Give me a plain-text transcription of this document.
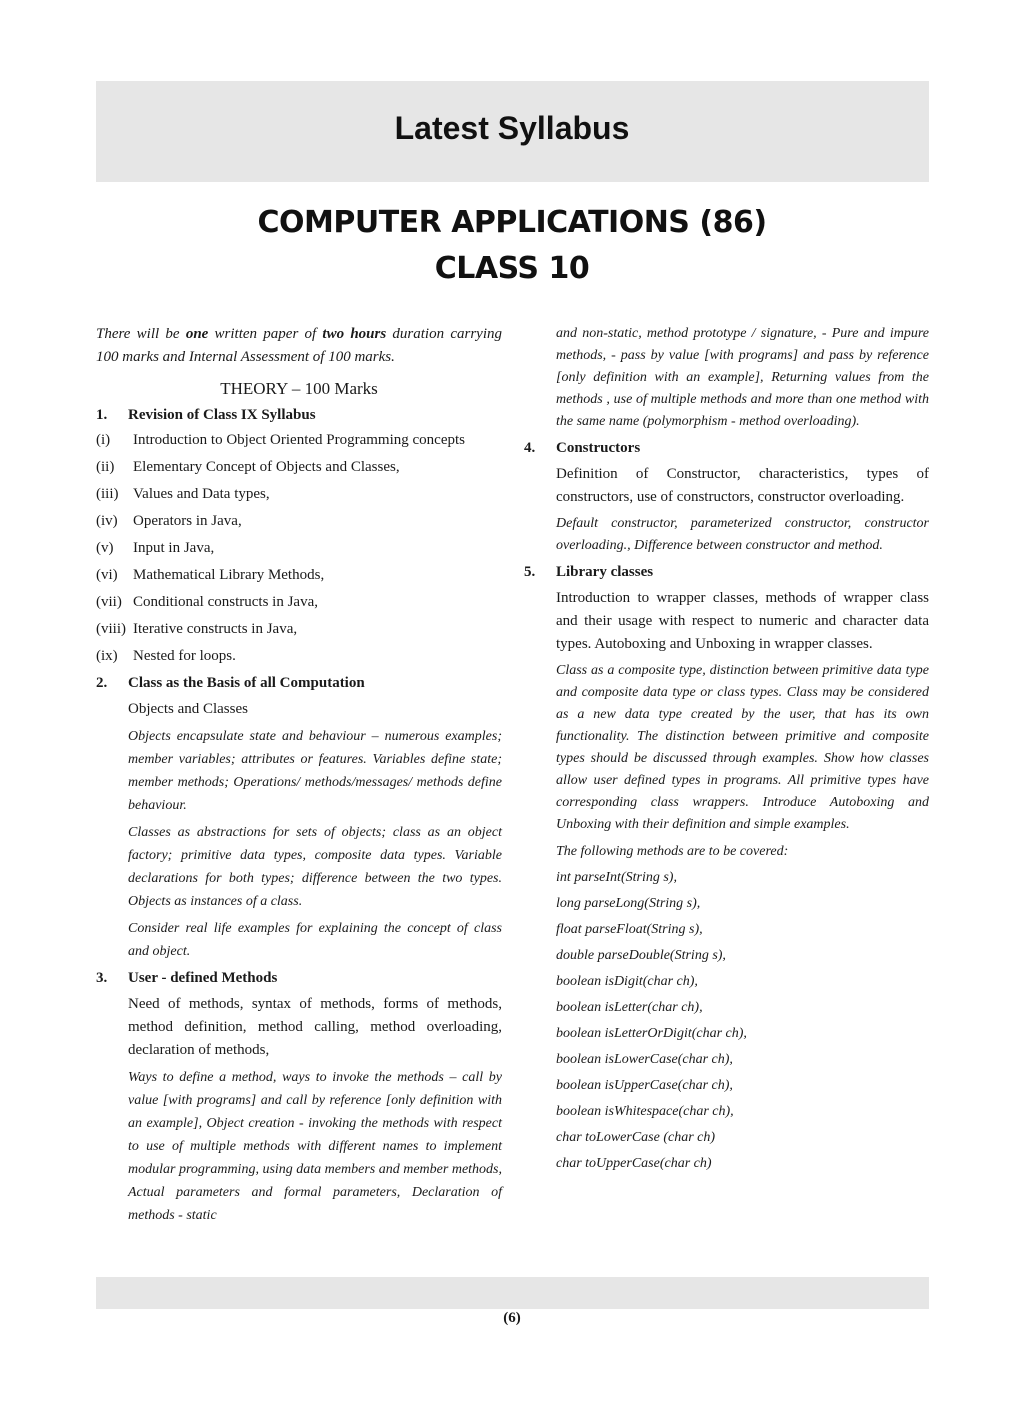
Latest Syllabus
COMPUTER APPLICATIONS (86)
CLASS 10

There will be one written paper of two hours duration carrying 100 marks and Internal Assessment of 100 marks.

THEORY – 100 Marks
1.	Revision of Class IX Syllabus
(i)	Introduction to Object Oriented Programming concepts
(ii)	Elementary Concept of Objects and Classes,
(iii) Values and Data types,
(iv)	Operators in Java,
(v)	Input in Java,
(vi)	Mathematical Library Methods,
(vii) Conditional constructs in Java,
(viii) Iterative constructs in Java,
(ix)	Nested for loops.
2.	Class as the Basis of all Computation
Objects and Classes
Objects encapsulate state and behaviour – numerous examples; member variables; attributes or features. Variables define state; member methods; Operations/ methods/messages/ methods define behaviour.
Classes as abstractions for sets of objects; class as an object factory; primitive data types, composite data types. Variable declarations for both types; difference between the two types. Objects as instances of a class.
Consider real life examples for explaining the concept of class and object.
3.	User - defined Methods
Need of methods, syntax of methods, forms of methods, method definition, method calling, method overloading, declaration of methods,
Ways to define a method, ways to invoke the methods – call by value [with programs] and call by reference [only definition with an example], Object creation - invoking the methods with respect to use of multiple methods with different names to implement modular programming, using data members and member methods, Actual parameters and formal parameters, Declaration of methods - static
and non-static, method prototype / signature, - Pure and impure methods, - pass by value [with programs] and pass by reference [only definition with an example], Returning values from the methods , use of multiple methods and more than one method with the same name (polymorphism - method overloading).
4.	Constructors
Definition of Constructor, characteristics, types of constructors, use of constructors, constructor overloading.
Default constructor, parameterized constructor, constructor overloading., Difference between constructor and method.
5.	Library classes
Introduction to wrapper classes, methods of wrapper class and their usage with respect to numeric and character data types. Autoboxing and Unboxing in wrapper classes.
Class as a composite type, distinction between primitive data type and composite data type or class types. Class may be considered as a new data type created by the user, that has its own functionality. The distinction between primitive and composite types should be discussed through examples. Show how classes allow user defined types in programs. All primitive types have corresponding class wrappers. Introduce Autoboxing and Unboxing with their definition and simple examples.
The following methods are to be covered:
int parseInt(String s),
long parseLong(String s),
float parseFloat(String s),
double parseDouble(String s),
boolean isDigit(char ch),
boolean isLetter(char ch),
boolean isLetterOrDigit(char ch),
boolean isLowerCase(char ch),
boolean isUpperCase(char ch),
boolean isWhitespace(char ch),
char toLowerCase (char ch)
char toUpperCase(char ch)
(6)
